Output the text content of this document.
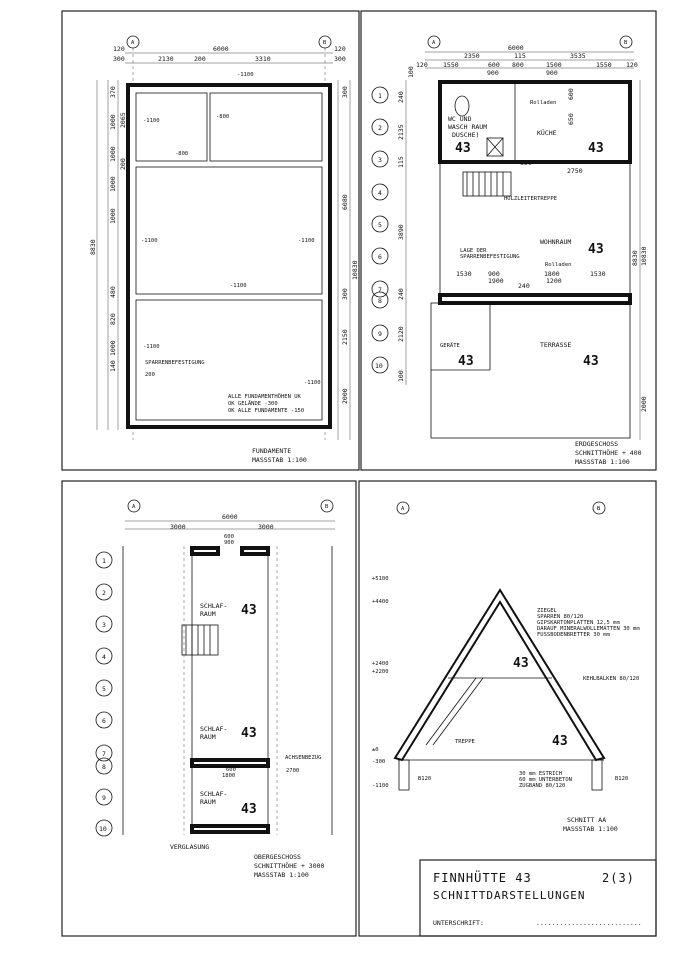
A	B
120	6000	120
300	2130	200	3310	300
8830
370
2065
1000
1000
1000
1000
480
820
1000
140
200
300
6080
300
2150
2000
10830
-1100
-800
-800
-1100
-1100	-1100
-1100
-1100
-1100
SPARRENBEFESTIGUNG
200
ALLE FUNDAMENTHÖHEN UK
OK GELÄNDE -300
OK ALLE FUNDAMENTE -150
FUNDAMENTE
MASSSTAB 1:100
A	B
2350
6000
115	3535
120 1550	600 800	1500	1550 120
900	900
1
2
3
4
5
6
7
8
9
10
240
100
2135
115
3890
240
2120
100
8830 10830
2000
650
2750
1530	900	1800	1530
1900	1200
240
650
600
WC UND
WASCH RAUM
DUSCHE)
43
KÜCHE
43
Rolladen
HOLZLEITERTREPPE
WOHNRAUM 43
Rolladen
LAGE DER
SPARRENBEFESTIGUNG
GERÄTE
43
TERRASSE
43
ERDGESCHOSS
SCHNITTHÖHE + 400
MASSSTAB 1:100
A	B
6000
3000	3000
600
900
1
2
3
4
5
6
7
8
9
10
SCHLAF-
RAUM 43
SCHLAF-
RAUM 43
SCHLAF-
RAUM 43
600
1800
2700
ACHSENBEZUG
VERGLASUNG
OBERGESCHOSS
SCHNITTHÖHE + 3000
MASSSTAB 1:100
A	B
+5100
+4400
+2400
+2200
±0
-300
-1100
ZIEGEL
SPARREN 80/120
GIPSKARTONPLATTEN 12,5 mm
DARAUF MINERALWOLLEMATTEN 30 mm
FUSSBODENBRETTER 30 mm
43
KEHLBALKEN 80/120
TREPPE	43
B120	B120
30 mm ESTRICH
60 mm UNTERBETON
ZUGBAND 80/120
SCHNITT AA
MASSSTAB 1:100
FINNHÜTTE 43	2(3)
SCHNITTDARSTELLUNGEN
UNTERSCHRIFT:	...........................
